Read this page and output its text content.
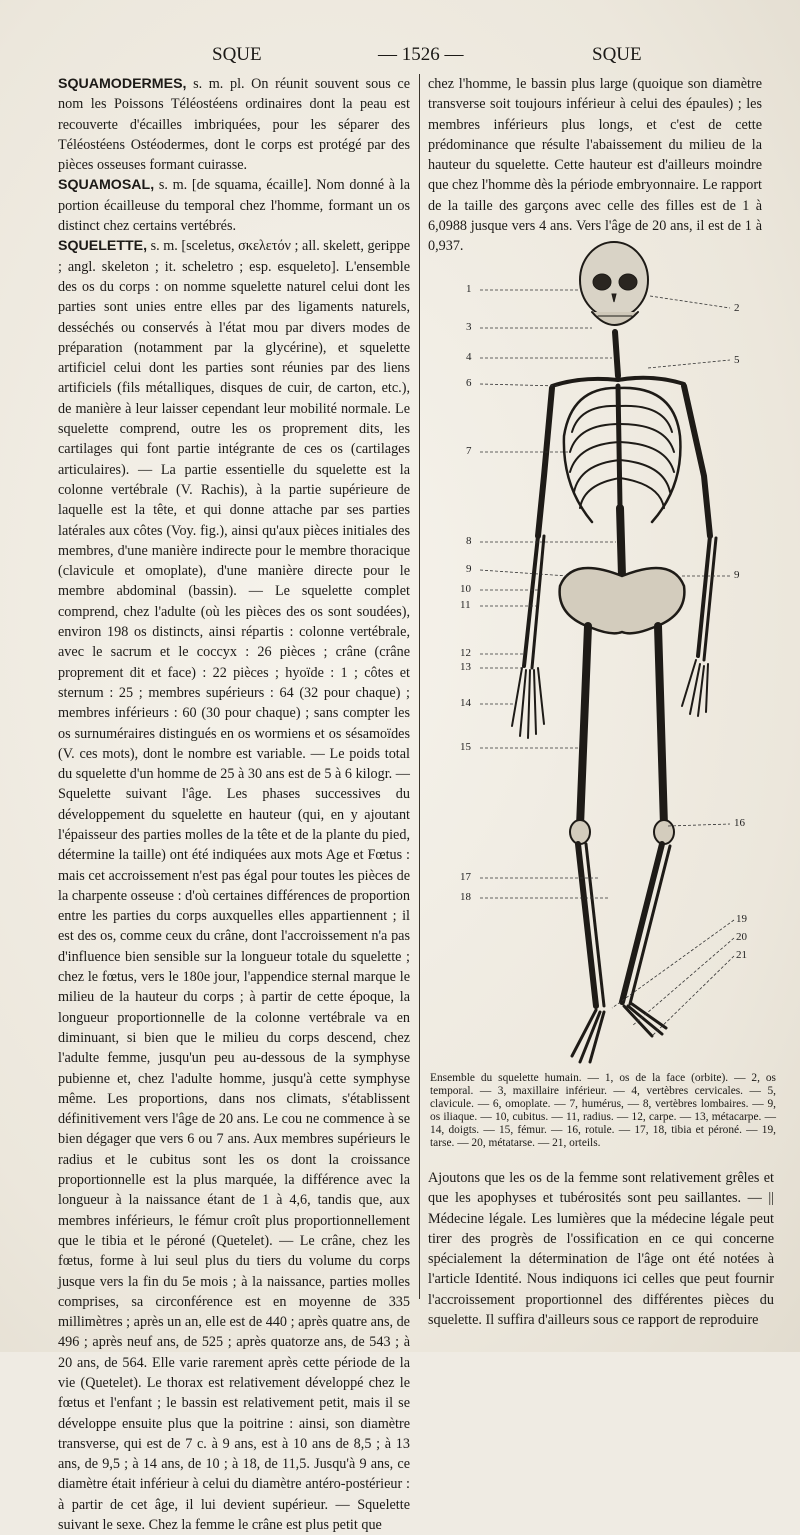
SQUE	— 1526 —	SQUE

SQUAMODERMES, s. m. pl. On réunit souvent sous ce nom les Poissons Téléostéens ordinaires dont la peau est recouverte d'écailles imbriquées, pour les séparer des Téléostéens Ostéodermes, dont le corps est protégé par des pièces osseuses formant cuirasse.

SQUAMOSAL, s. m. [de squama, écaille]. Nom donné à la portion écailleuse du temporal chez l'homme, formant un os distinct chez certains vertébrés.

SQUELETTE, s. m. [sceletus, σκελετόν ; all. skelett, gerippe ; angl. skeleton ; it. scheletro ; esp. esqueleto]. L'ensemble des os du corps : on nomme squelette naturel celui dont les parties sont unies entre elles par des ligaments naturels, desséchés ou conservés à l'état mou par divers modes de préparation (notamment par la glycérine), et squelette artificiel celui dont les parties sont réunies par des liens artificiels (fils métalliques, disques de cuir, de carton, etc.), de manière à leur laisser cependant leur mobilité normale. Le squelette comprend, outre les os proprement dits, les cartilages qui font partie intégrante de ces os (cartilages articulaires). — La partie essentielle du squelette est la colonne vertébrale (V. Rachis), à la partie supérieure de laquelle est la tête, et qui donne attache par ses parties latérales aux côtes (Voy. fig.), ainsi qu'aux pièces initiales des membres, d'une manière indirecte pour le membre thoracique (clavicule et omoplate), d'une manière directe pour le membre abdominal (bassin). — Le squelette complet comprend, chez l'adulte (où les pièces des os sont soudées), environ 198 os distincts, ainsi répartis : colonne vertébrale, avec le sacrum et le coccyx : 26 pièces ; crâne (crâne proprement dit et face) : 22 pièces ; hyoïde : 1 ; côtes et sternum : 25 ; membres supérieurs : 64 (32 pour chaque) ; membres inférieurs : 60 (30 pour chaque) ; sans compter les os surnuméraires distingués en os wormiens et os sésamoïdes (V. ces mots), dont le nombre est variable. — Le poids total du squelette d'un homme de 25 à 30 ans est de 5 à 6 kilogr. — Squelette suivant l'âge. Les phases successives du développement du squelette en hauteur (qui, en y ajoutant l'épaisseur des parties molles de la tête et de la plante du pied, détermine la taille) ont été indiquées aux mots Age et Fœtus : mais cet accroissement n'est pas égal pour toutes les pièces de la charpente osseuse : d'où certaines différences de proportion entre les parties du corps auxquelles elles appartiennent ; il est des os, comme ceux du crâne, dont l'accroissement n'a pas d'influence bien sensible sur la longueur totale du squelette ; chez le fœtus, vers le 180e jour, l'appendice sternal marque le milieu de la hauteur du corps ; à partir de cette époque, la longueur proportionnelle de la colonne vertébrale va en diminuant, si bien que le milieu du corps descend, chez l'adulte femme, jusqu'un peu au-dessous de la symphyse pubienne et, chez l'adulte homme, jusqu'à cette symphyse même. Les proportions, dans nos climats, s'établissent définitivement vers l'âge de 20 ans. Le cou ne commence à se bien dégager que vers 6 ou 7 ans. Aux membres supérieurs le radius et le cubitus sont les os dont la croissance proportionnelle est la plus marquée, la différence avec la longueur à la naissance étant de 1 à 4,6, tandis que, aux membres inférieurs, le fémur croît plus proportionnellement que le tibia et le péroné (Quetelet). — Le crâne, chez les fœtus, forme à lui seul plus du tiers du volume du corps jusque vers la fin du 5e mois ; à la naissance, parties molles comprises, sa circonférence est en moyenne de 335 millimètres ; après un an, elle est de 440 ; après quatre ans, de 496 ; après neuf ans, de 525 ; après quatorze ans, de 543 ; à 20 ans, de 564. Elle varie rarement après cette période de la vie (Quetelet). Le thorax est relativement développé chez le fœtus et l'enfant ; le bassin est relativement petit, mais il se développe ensuite plus que la poitrine : ainsi, son diamètre transverse, qui est de 7 c. à 9 ans, est à 10 ans de 8,5 ; à 13 ans, de 9,5 ; à 14 ans, de 10 ; à 18, de 11,5. Jusqu'à 9 ans, ce diamètre était inférieur à celui du diamètre antéro-postérieur : à partir de cet âge, il lui devient supérieur. — Squelette suivant le sexe. Chez la femme le crâne est plus petit que

chez l'homme, le bassin plus large (quoique son diamètre transverse soit toujours inférieur à celui des épaules) ; les membres inférieurs plus longs, et c'est de cette prédominance que résulte l'abaissement du milieu de la hauteur du squelette. Cette hauteur est d'ailleurs moindre que chez l'homme dès la période embryonnaire. Le rapport de la taille des garçons avec celle des filles est de 1 à 6,0988 jusque vers 4 ans. Vers l'âge de 20 ans, il est de 1 à 0,937.

1
2
3
4	5
6
7
8
9	9
10
11
12
13
14
15
16
17
18
19
20
21

Ensemble du squelette humain. — 1, os de la face (orbite). — 2, os temporal. — 3, maxillaire inférieur. — 4, vertèbres cervicales. — 5, clavicule. — 6, omoplate. — 7, humérus, — 8, vertèbres lombaires. — 9, os iliaque. — 10, cubitus. — 11, radius. — 12, carpe. — 13, métacarpe. — 14, doigts. — 15, fémur. — 16, rotule. — 17, 18, tibia et péroné. — 19, tarse. — 20, métatarse. — 21, orteils.

Ajoutons que les os de la femme sont relativement grêles et que les apophyses et tubérosités sont peu saillantes. — || Médecine légale. Les lumières que la médecine légale peut tirer des progrès de l'ossification en ce qui concerne spécialement la détermination de l'âge ont été notées à l'article Identité. Nous indiquons ici celles que peut fournir l'accroissement proportionnel des différentes pièces du squelette. Il suffira d'ailleurs sous ce rapport de reproduire
